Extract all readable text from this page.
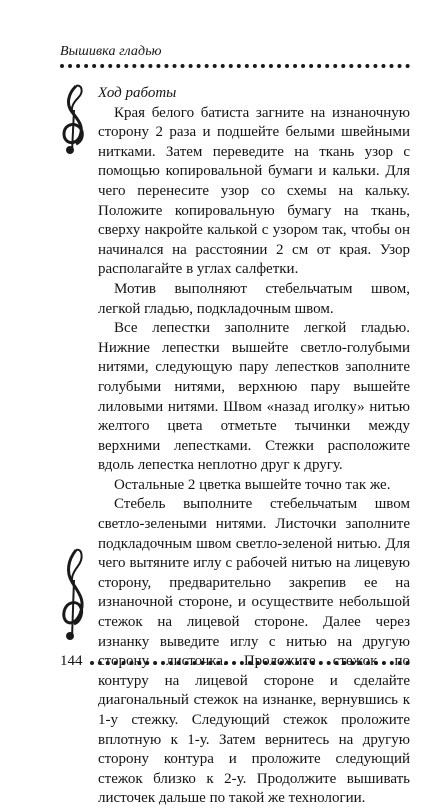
Вышивка гладью

Ход работы

Края белого батиста загните на изнаночную сторону 2 раза и подшейте белыми швейными нитками. Затем переведите на ткань узор с помощью копировальной бумаги и кальки. Для чего перенесите узор со схемы на кальку. Положите копировальную бумагу на ткань, сверху накройте калькой с узором так, чтобы он начинался на расстоянии 2 см от края. Узор располагайте в углах салфетки.

Мотив выполняют стебельчатым швом, легкой гладью, подкладочным швом.

Все лепестки заполните легкой гладью. Нижние лепестки вышейте светло-голубыми нитями, следующую пару лепестков заполните голубыми нитями, верхнюю пару вышейте лиловыми нитями. Швом «назад иголку» нитью желтого цвета отметьте тычинки между верхними лепестками. Стежки расположите вдоль лепестка неплотно друг к другу.

Остальные 2 цветка вышейте точно так же.

Стебель выполните стебельчатым швом светло-зелеными нитями. Листочки заполните подкладочным швом светло-зеленой нитью. Для чего вытяните иглу с рабочей нитью на лицевую сторону, предварительно закрепив ее на изнаночной стороне, и осуществите небольшой стежок на лицевой стороне. Далее через изнанку выведите иглу с нитью на другую сторону листочка. Проложите стежок по контуру на лицевой стороне и сделайте диагональный стежок на изнанке, вернувшись к 1-у стежку. Следующий стежок проложите вплотную к 1-у. Затем вернитесь на другую сторону контура и проложите следующий стежок близко к 2-у. Продолжите вышивать листочек дальше по такой же технологии.

144
